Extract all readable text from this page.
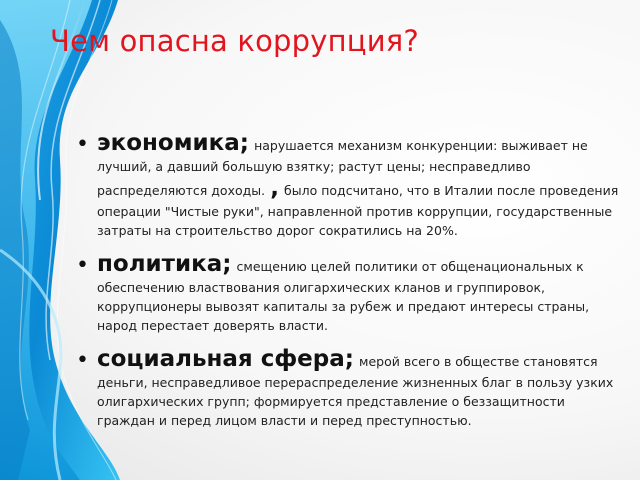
Чем опасна коррупция?
• экономика; нарушается механизм конкуренции: выживает не лучший, а давший большую взятку; растут цены; несправедливо распределяются доходы. , было подсчитано, что в Италии после проведения операции "Чистые руки", направленной против коррупции, государственные затраты на строительство дорог сократились на 20%.
• политика; смещению целей политики от общенациональных к обеспечению властвования олигархических кланов и группировок, коррупционеры вывозят капиталы за рубеж и предают интересы страны, народ перестает доверять власти.
• социальная сфера; мерой всего в обществе становятся деньги, несправедливое перераспределение жизненных благ в пользу узких олигархических групп; формируется представление о беззащитности граждан и перед лицом власти и перед преступностью.
